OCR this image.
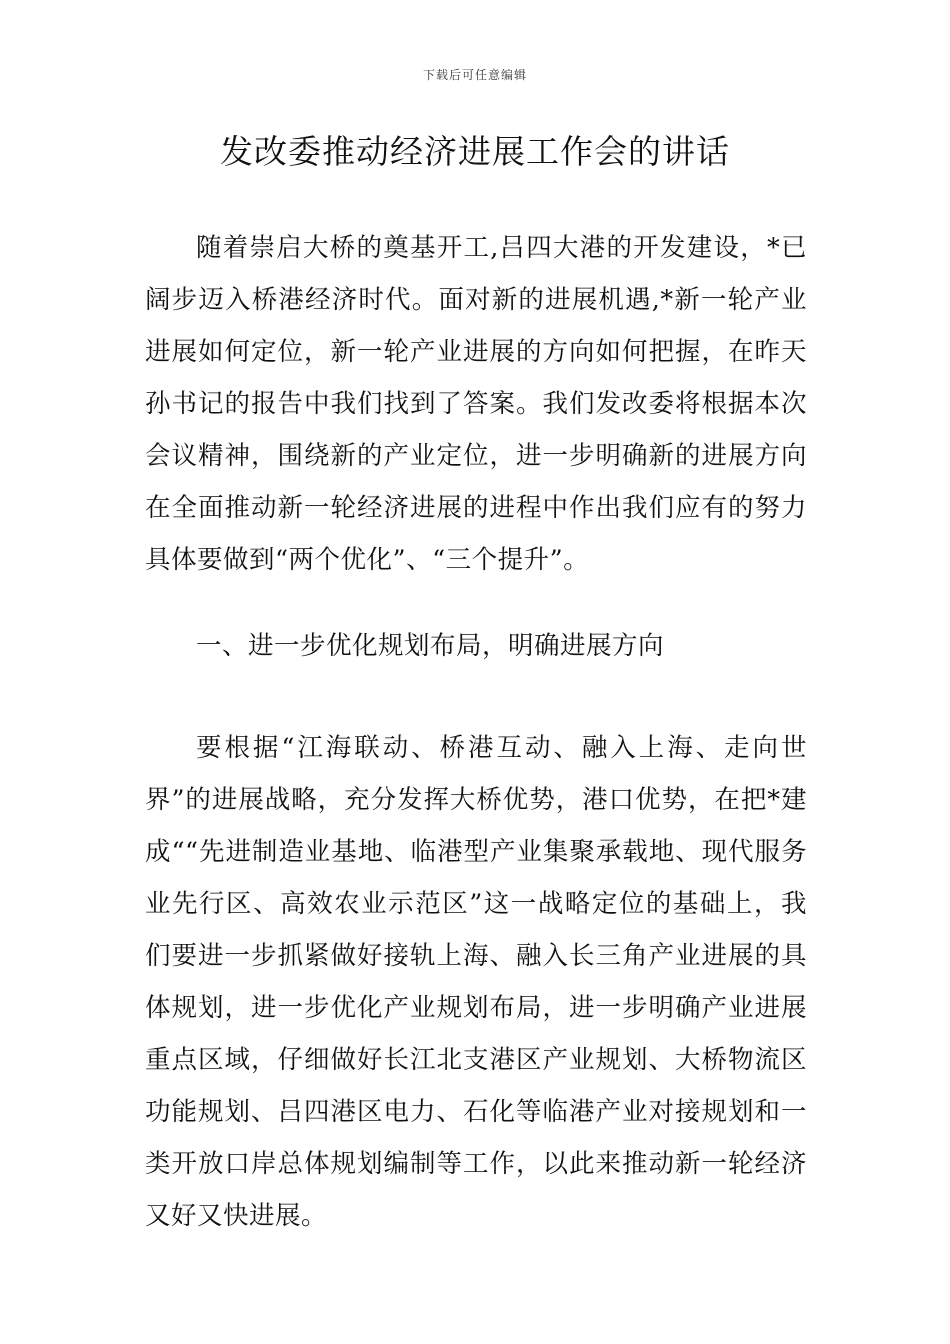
下载后可任意编辑
发改委推动经济进展工作会的讲话

随着崇启大桥的奠基开工,吕四大港的开发建设，*已阔步迈入桥港经济时代。面对新的进展机遇,*新一轮产业进展如何定位，新一轮产业进展的方向如何把握，在昨天孙书记的报告中我们找到了答案。我们发改委将根据本次会议精神，围绕新的产业定位，进一步明确新的进展方向在全面推动新一轮经济进展的进程中作出我们应有的努力具体要做到“两个优化”、“三个提升”。

一、进一步优化规划布局，明确进展方向

要根据“江海联动、桥港互动、融入上海、走向世界”的进展战略，充分发挥大桥优势，港口优势，在把*建成““先进制造业基地、临港型产业集聚承载地、现代服务业先行区、高效农业示范区”这一战略定位的基础上，我们要进一步抓紧做好接轨上海、融入长三角产业进展的具体规划，进一步优化产业规划布局，进一步明确产业进展重点区域，仔细做好长江北支港区产业规划、大桥物流区功能规划、吕四港区电力、石化等临港产业对接规划和一类开放口岸总体规划编制等工作，以此来推动新一轮经济又好又快进展。
